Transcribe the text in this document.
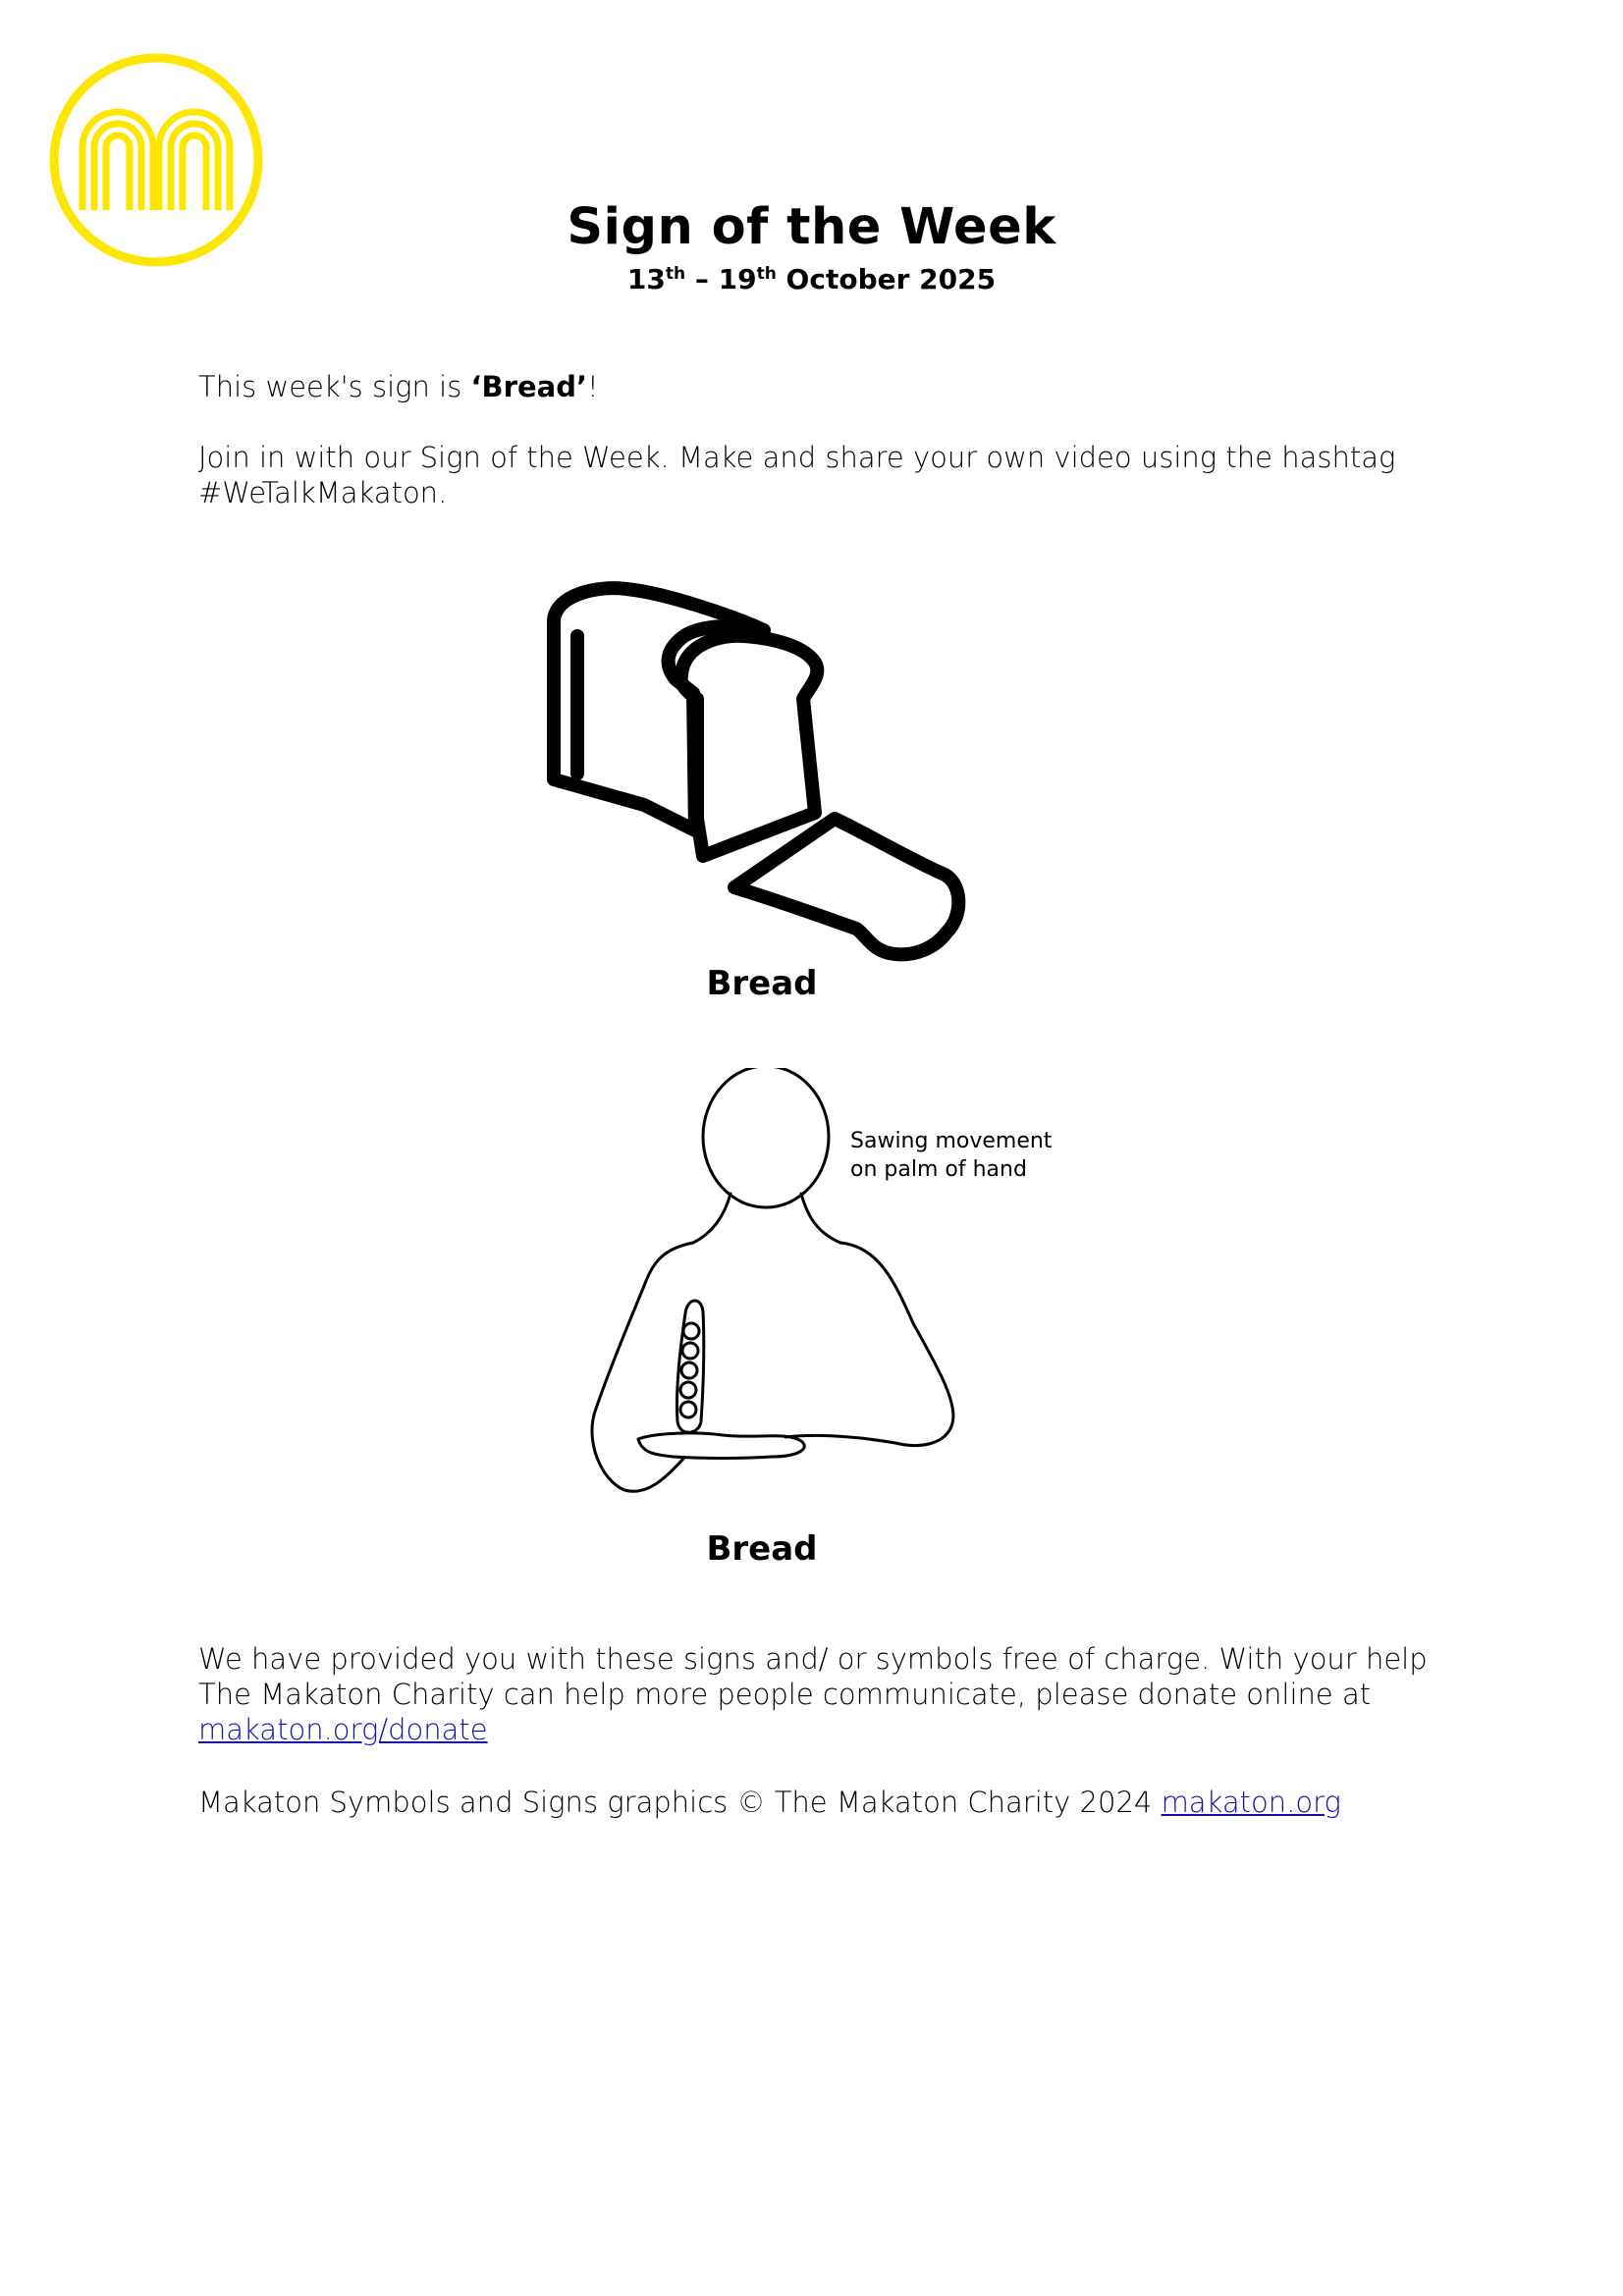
Sign of the Week
13th – 19th October 2025
This week's sign is ‘Bread’!
Join in with our Sign of the Week. Make and share your own video using the hashtag #WeTalkMakaton.
Bread
Sawing movement
on palm of hand
Bread
We have provided you with these signs and/ or symbols free of charge. With your help The Makaton Charity can help more people communicate, please donate online at
makaton.org/donate
Makaton Symbols and Signs graphics © The Makaton Charity 2024 makaton.org
